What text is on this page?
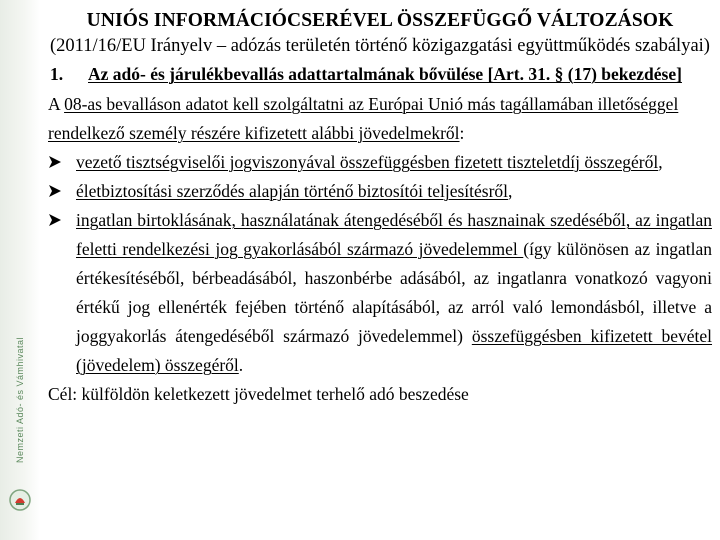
Nemzeti Adó- és Vámhivatal
UNIÓS INFORMÁCIÓCSERÉVEL ÖSSZEFÜGGŐ VÁLTOZÁSOK

(2011/16/EU Irányelv – adózás területén történő közigazgatási együttműködés szabályai)

1.	Az adó- és járulékbevallás adattartalmának bővülése [Art. 31. § (17) bekezdése]
A 08-as bevalláson adatot kell szolgáltatni az Európai Unió más tagállamában illetőséggel rendelkező személy részére kifizetett alábbi jövedelmekről:
vezető tisztségviselői jogviszonyával összefüggésben fizetett tiszteletdíj összegéről,
életbiztosítási szerződés alapján történő biztosítói teljesítésről,
ingatlan birtoklásának, használatának átengedéséből és hasznainak szedéséből, az ingatlan feletti rendelkezési jog gyakorlásából származó jövedelemmel (így különösen az ingatlan értékesítéséből, bérbeadásából, haszonbérbe adásából, az ingatlanra vonatkozó vagyoni értékű jog ellenérték fejében történő alapításából, az arról való lemondásból, illetve a joggyakorlás átengedéséből származó jövedelemmel) összefüggésben kifizetett bevétel (jövedelem) összegéről.
Cél: külföldön keletkezett jövedelmet terhelő adó beszedése
